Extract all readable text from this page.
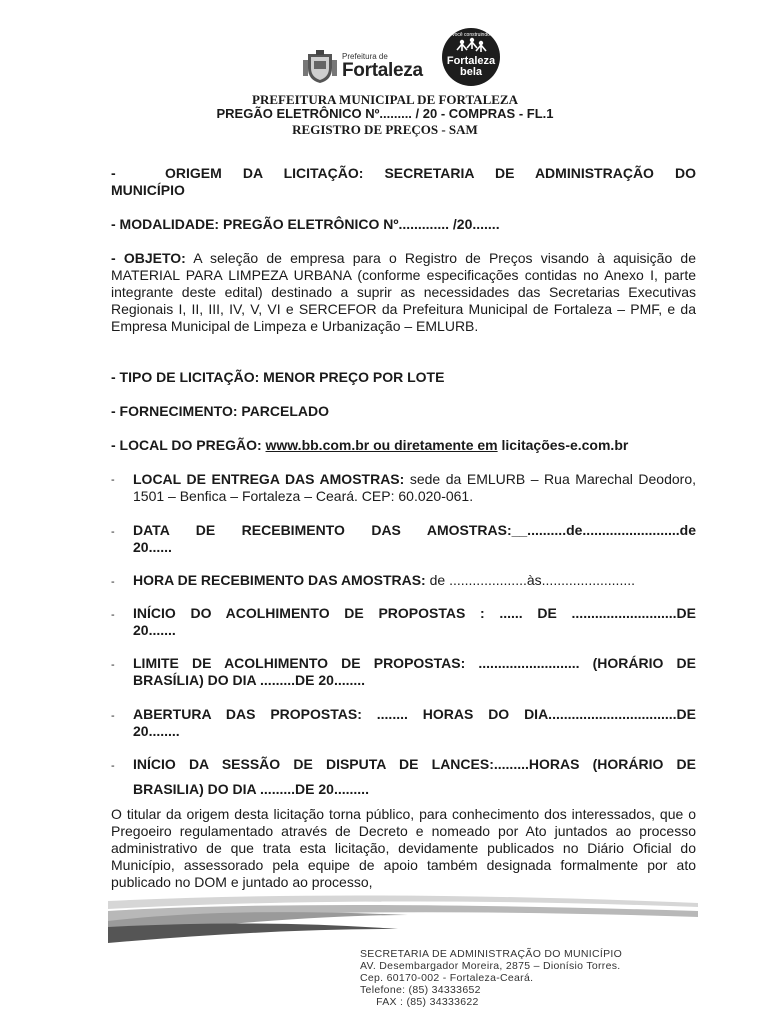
Prefeitura de
Fortaleza
você construindo
Fortaleza
bela
PREFEITURA MUNICIPAL DE FORTALEZA
PREGÃO ELETRÔNICO Nº......... / 20 - COMPRAS - FL.1
REGISTRO DE PREÇOS - SAM
-	ORIGEM DA LICITAÇÃO: SECRETARIA DE ADMINISTRAÇÃO DO
MUNICÍPIO
- MODALIDADE: PREGÃO ELETRÔNICO Nº............. /20.......
- OBJETO: A seleção de empresa para o Registro de Preços visando à aquisição de MATERIAL PARA LIMPEZA URBANA (conforme especificações contidas no Anexo I, parte integrante deste edital) destinado a suprir as necessidades das Secretarias Executivas Regionais I, II, III, IV, V, VI e SERCEFOR da Prefeitura Municipal de Fortaleza – PMF, e da Empresa Municipal de Limpeza e Urbanização – EMLURB.
- TIPO DE LICITAÇÃO: MENOR PREÇO POR LOTE
- FORNECIMENTO: PARCELADO
- LOCAL DO PREGÃO: www.bb.com.br ou diretamente em licitações-e.com.br
- LOCAL DE ENTREGA DAS AMOSTRAS: sede da EMLURB – Rua Marechal Deodoro, 1501 – Benfica – Fortaleza – Ceará. CEP: 60.020-061.
- DATA DE RECEBIMENTO DAS AMOSTRAS:__..........de.........................de
20......
- HORA DE RECEBIMENTO DAS AMOSTRAS: de ....................às........................
- INÍCIO DO ACOLHIMENTO DE PROPOSTAS : ...... DE ...........................DE
20.......
- LIMITE DE ACOLHIMENTO DE PROPOSTAS: .......................... (HORÁRIO DE
BRASÍLIA) DO DIA .........DE 20........
- ABERTURA DAS PROPOSTAS: ........ HORAS DO DIA.................................DE
20........
- INÍCIO DA SESSÃO DE DISPUTA DE LANCES:.........HORAS (HORÁRIO DE
BRASILIA) DO DIA .........DE 20.........
O titular da origem desta licitação torna público, para conhecimento dos interessados, que o Pregoeiro regulamentado através de Decreto e nomeado por Ato juntados ao processo administrativo de que trata esta licitação, devidamente publicados no Diário Oficial do Município, assessorado pela equipe de apoio também designada formalmente por ato publicado no DOM e juntado ao processo,
SECRETARIA DE ADMINISTRAÇÃO DO MUNICÍPIO
AV. Desembargador Moreira, 2875 – Dionísio Torres.
Cep. 60170-002 - Fortaleza-Ceará.
Telefone: (85) 34333652
FAX : (85) 34333622
